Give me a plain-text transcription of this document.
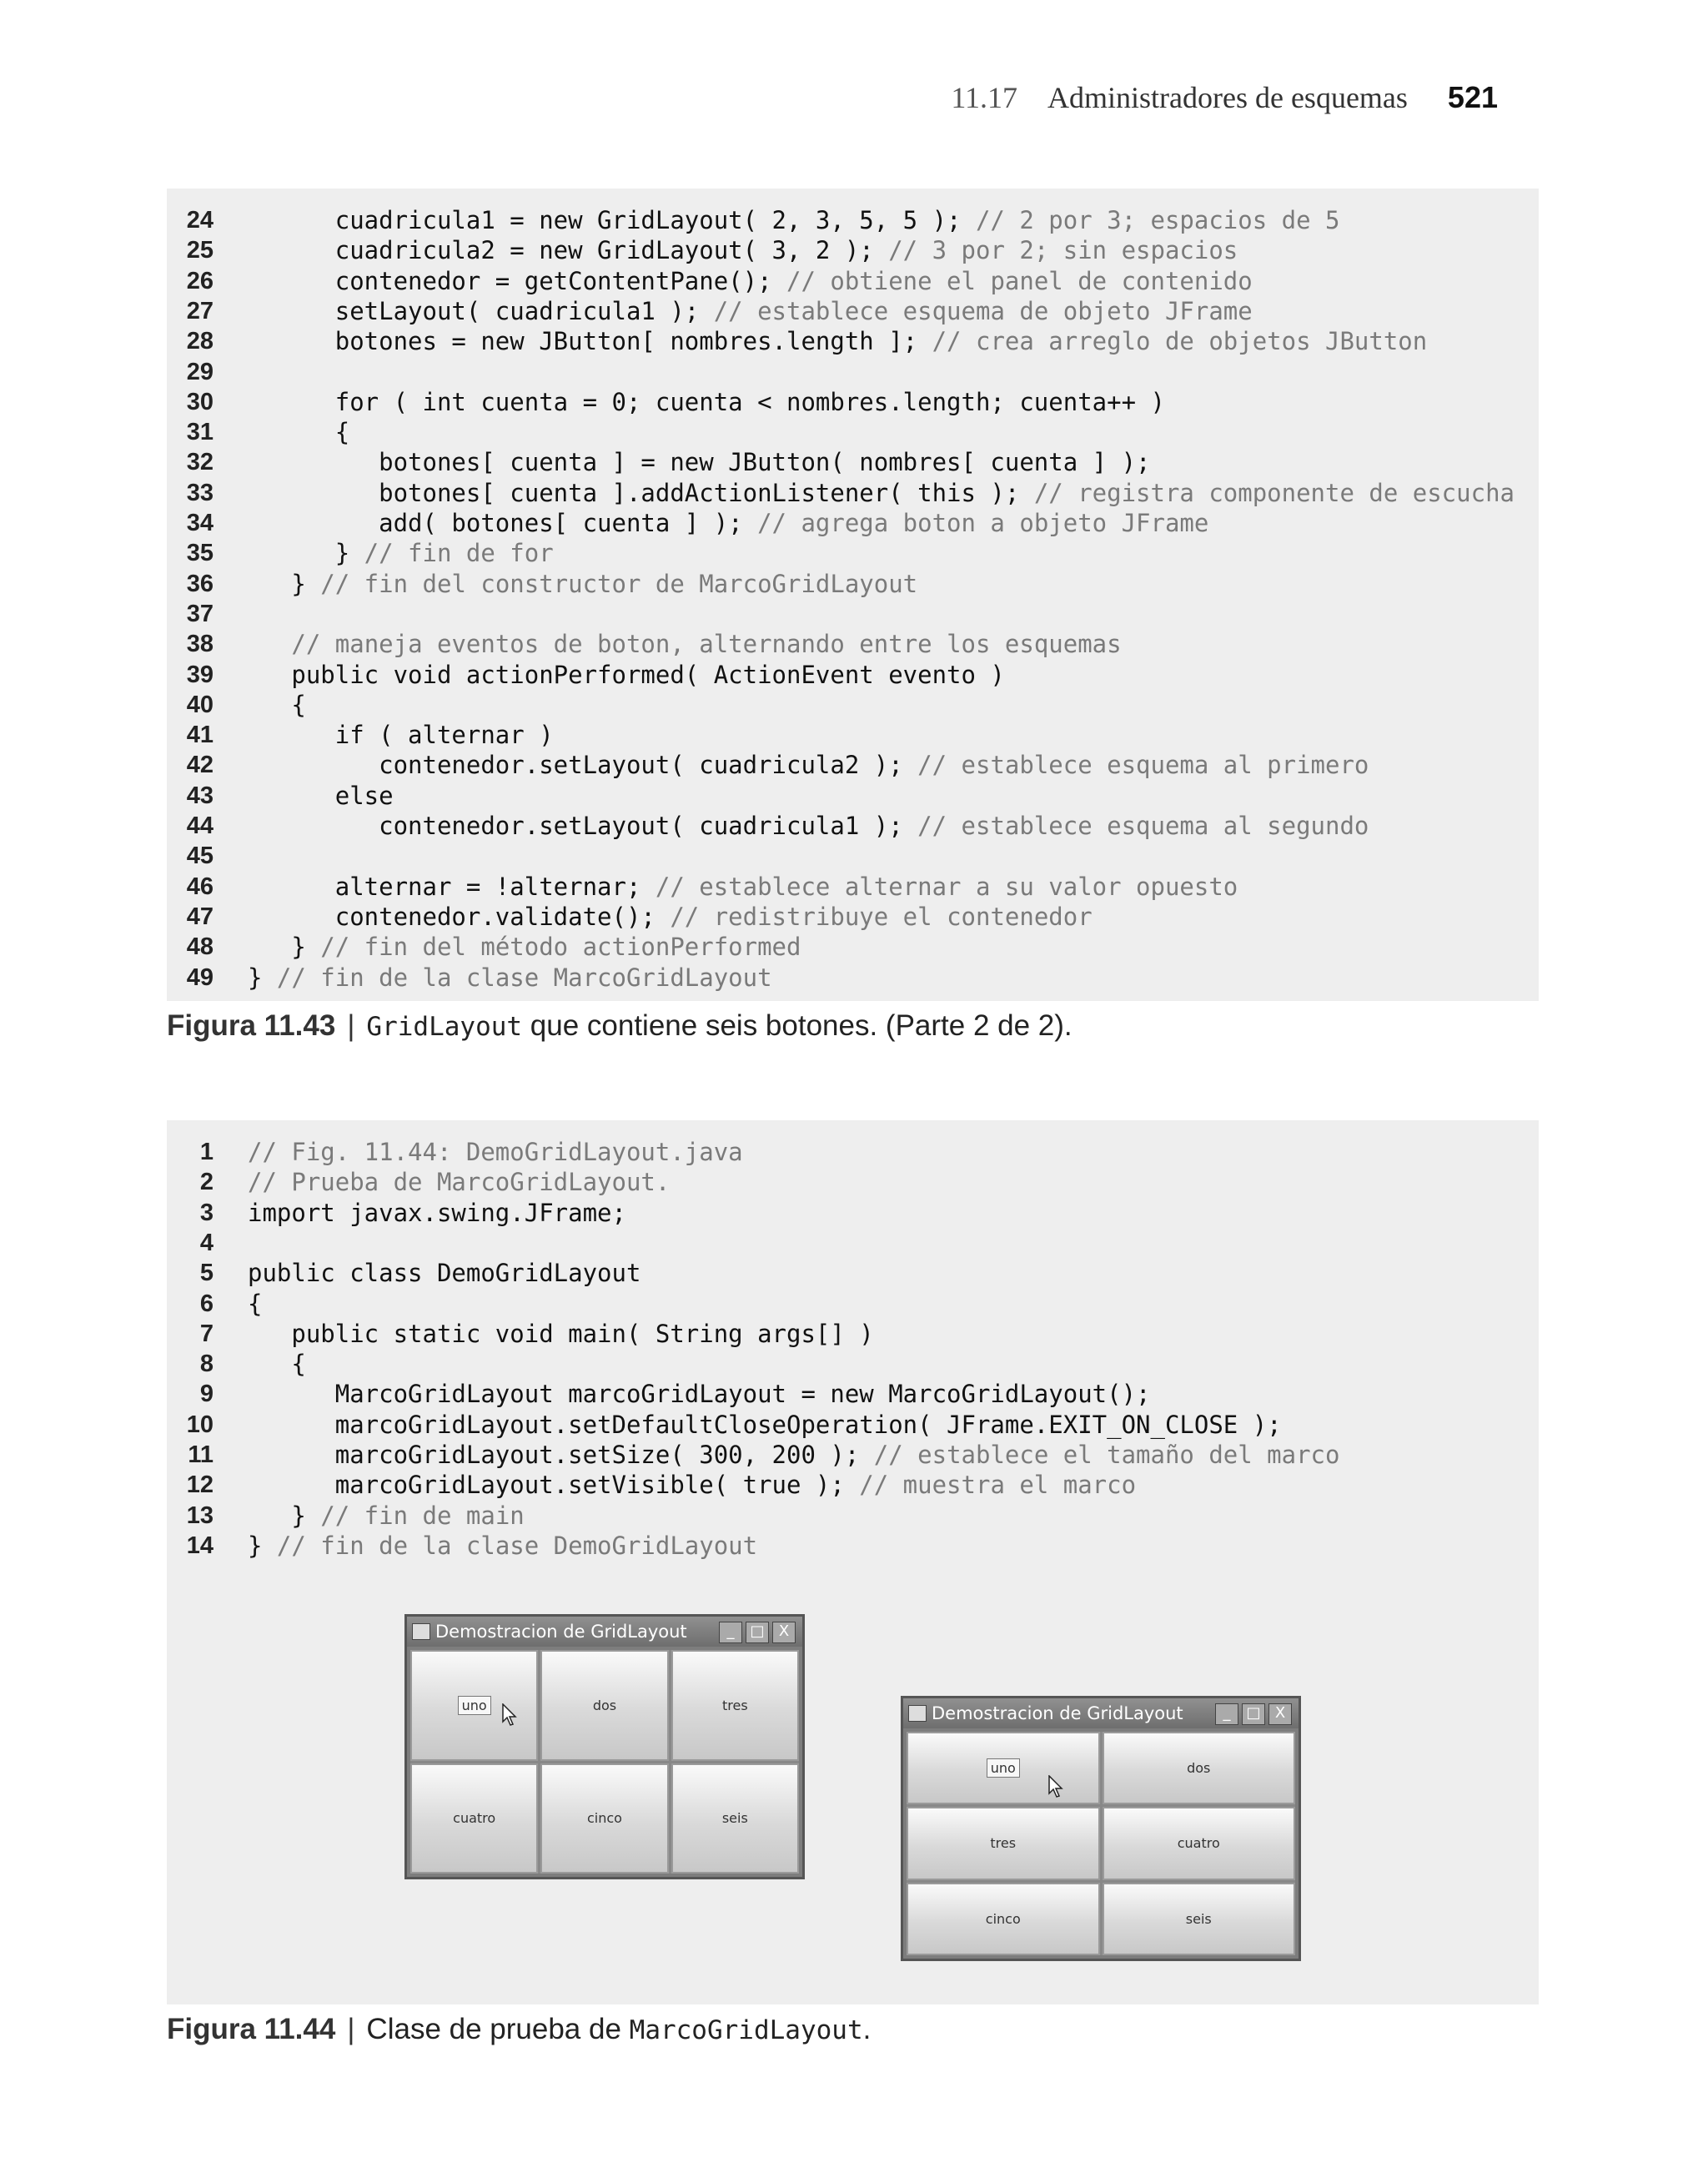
11.17 Administradores de esquemas 521
24 cuadricula1 = new GridLayout( 2, 3, 5, 5 ); // 2 por 3; espacios de 5
25 cuadricula2 = new GridLayout( 3, 2 ); // 3 por 2; sin espacios
26 contenedor = getContentPane(); // obtiene el panel de contenido
27 setLayout( cuadricula1 ); // establece esquema de objeto JFrame
28 botones = new JButton[ nombres.length ]; // crea arreglo de objetos JButton
29
30 for ( int cuenta = 0; cuenta < nombres.length; cuenta++ )
31 {
32 botones[ cuenta ] = new JButton( nombres[ cuenta ] );
33 botones[ cuenta ].addActionListener( this ); // registra componente de escucha
34 add( botones[ cuenta ] ); // agrega boton a objeto JFrame
35 } // fin de for
36 } // fin del constructor de MarcoGridLayout
37
38	// maneja eventos de boton, alternando entre los esquemas
39 public void actionPerformed( ActionEvent evento )
40 {
41 if ( alternar )
42 contenedor.setLayout( cuadricula2 ); // establece esquema al primero
43 else
44 contenedor.setLayout( cuadricula1 ); // establece esquema al segundo
45
46 alternar = !alternar; // establece alternar a su valor opuesto
47 contenedor.validate(); // redistribuye el contenedor
48 } // fin del método actionPerformed
49 } // fin de la clase MarcoGridLayout
Figura 11.43 | GridLayout que contiene seis botones. (Parte 2 de 2).
Demostracion de GridLayout	_	□ X
uno	dos	tres
cuatro	cinco	seis
Demostracion de GridLayout	_	□ X
uno	dos
tres	cuatro
cinco	seis
1 // Fig. 11.44: DemoGridLayout.java
2 // Prueba de MarcoGridLayout.
3 import javax.swing.JFrame;
4
5 public class DemoGridLayout
6 {
7 public static void main( String args[] )
8 {
9 MarcoGridLayout marcoGridLayout = new MarcoGridLayout();
10 marcoGridLayout.setDefaultCloseOperation( JFrame.EXIT_ON_CLOSE );
11 marcoGridLayout.setSize( 300, 200 ); // establece el tamaño del marco
12 marcoGridLayout.setVisible( true ); // muestra el marco
13 } // fin de main
14 } // fin de la clase DemoGridLayout
Figura 11.44 | Clase de prueba de MarcoGridLayout.
